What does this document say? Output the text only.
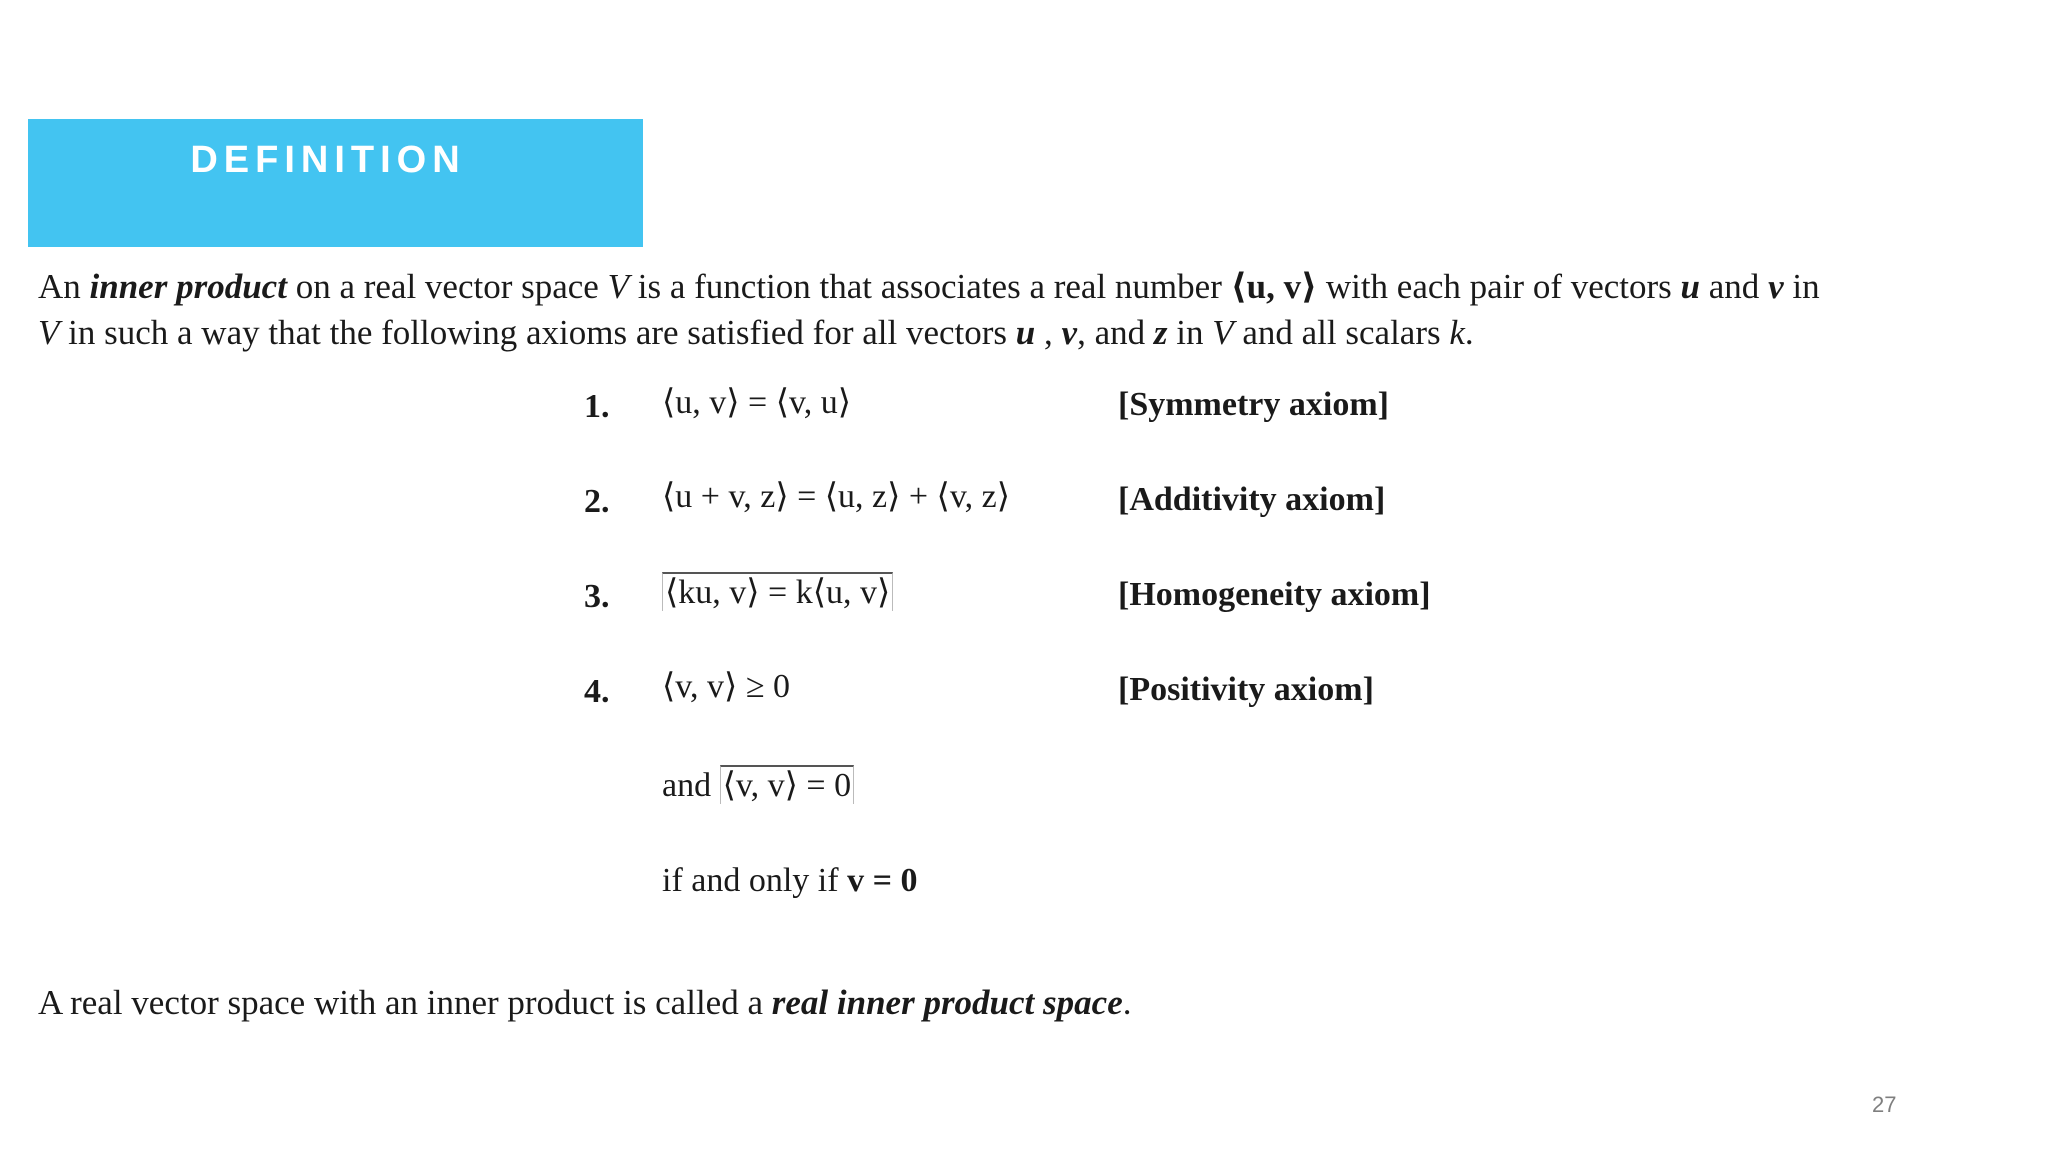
DEFINITION
An inner product on a real vector space V is a function that associates a real number ⟨u, v⟩ with each pair of vectors u and v in
V in such a way that the following axioms are satisfied for all vectors u , v, and z in V and all scalars k.
1. ⟨u, v⟩ = ⟨v, u⟩	[Symmetry axiom]
2. ⟨u + v, z⟩ = ⟨u, z⟩ + ⟨v, z⟩	[Additivity axiom]
3. ⟨ku, v⟩ = k⟨u, v⟩	[Homogeneity axiom]
4. ⟨v, v⟩ ≥ 0	[Positivity axiom]
and ⟨v, v⟩ = 0
if and only if v = 0
A real vector space with an inner product is called a real inner product space.
27
